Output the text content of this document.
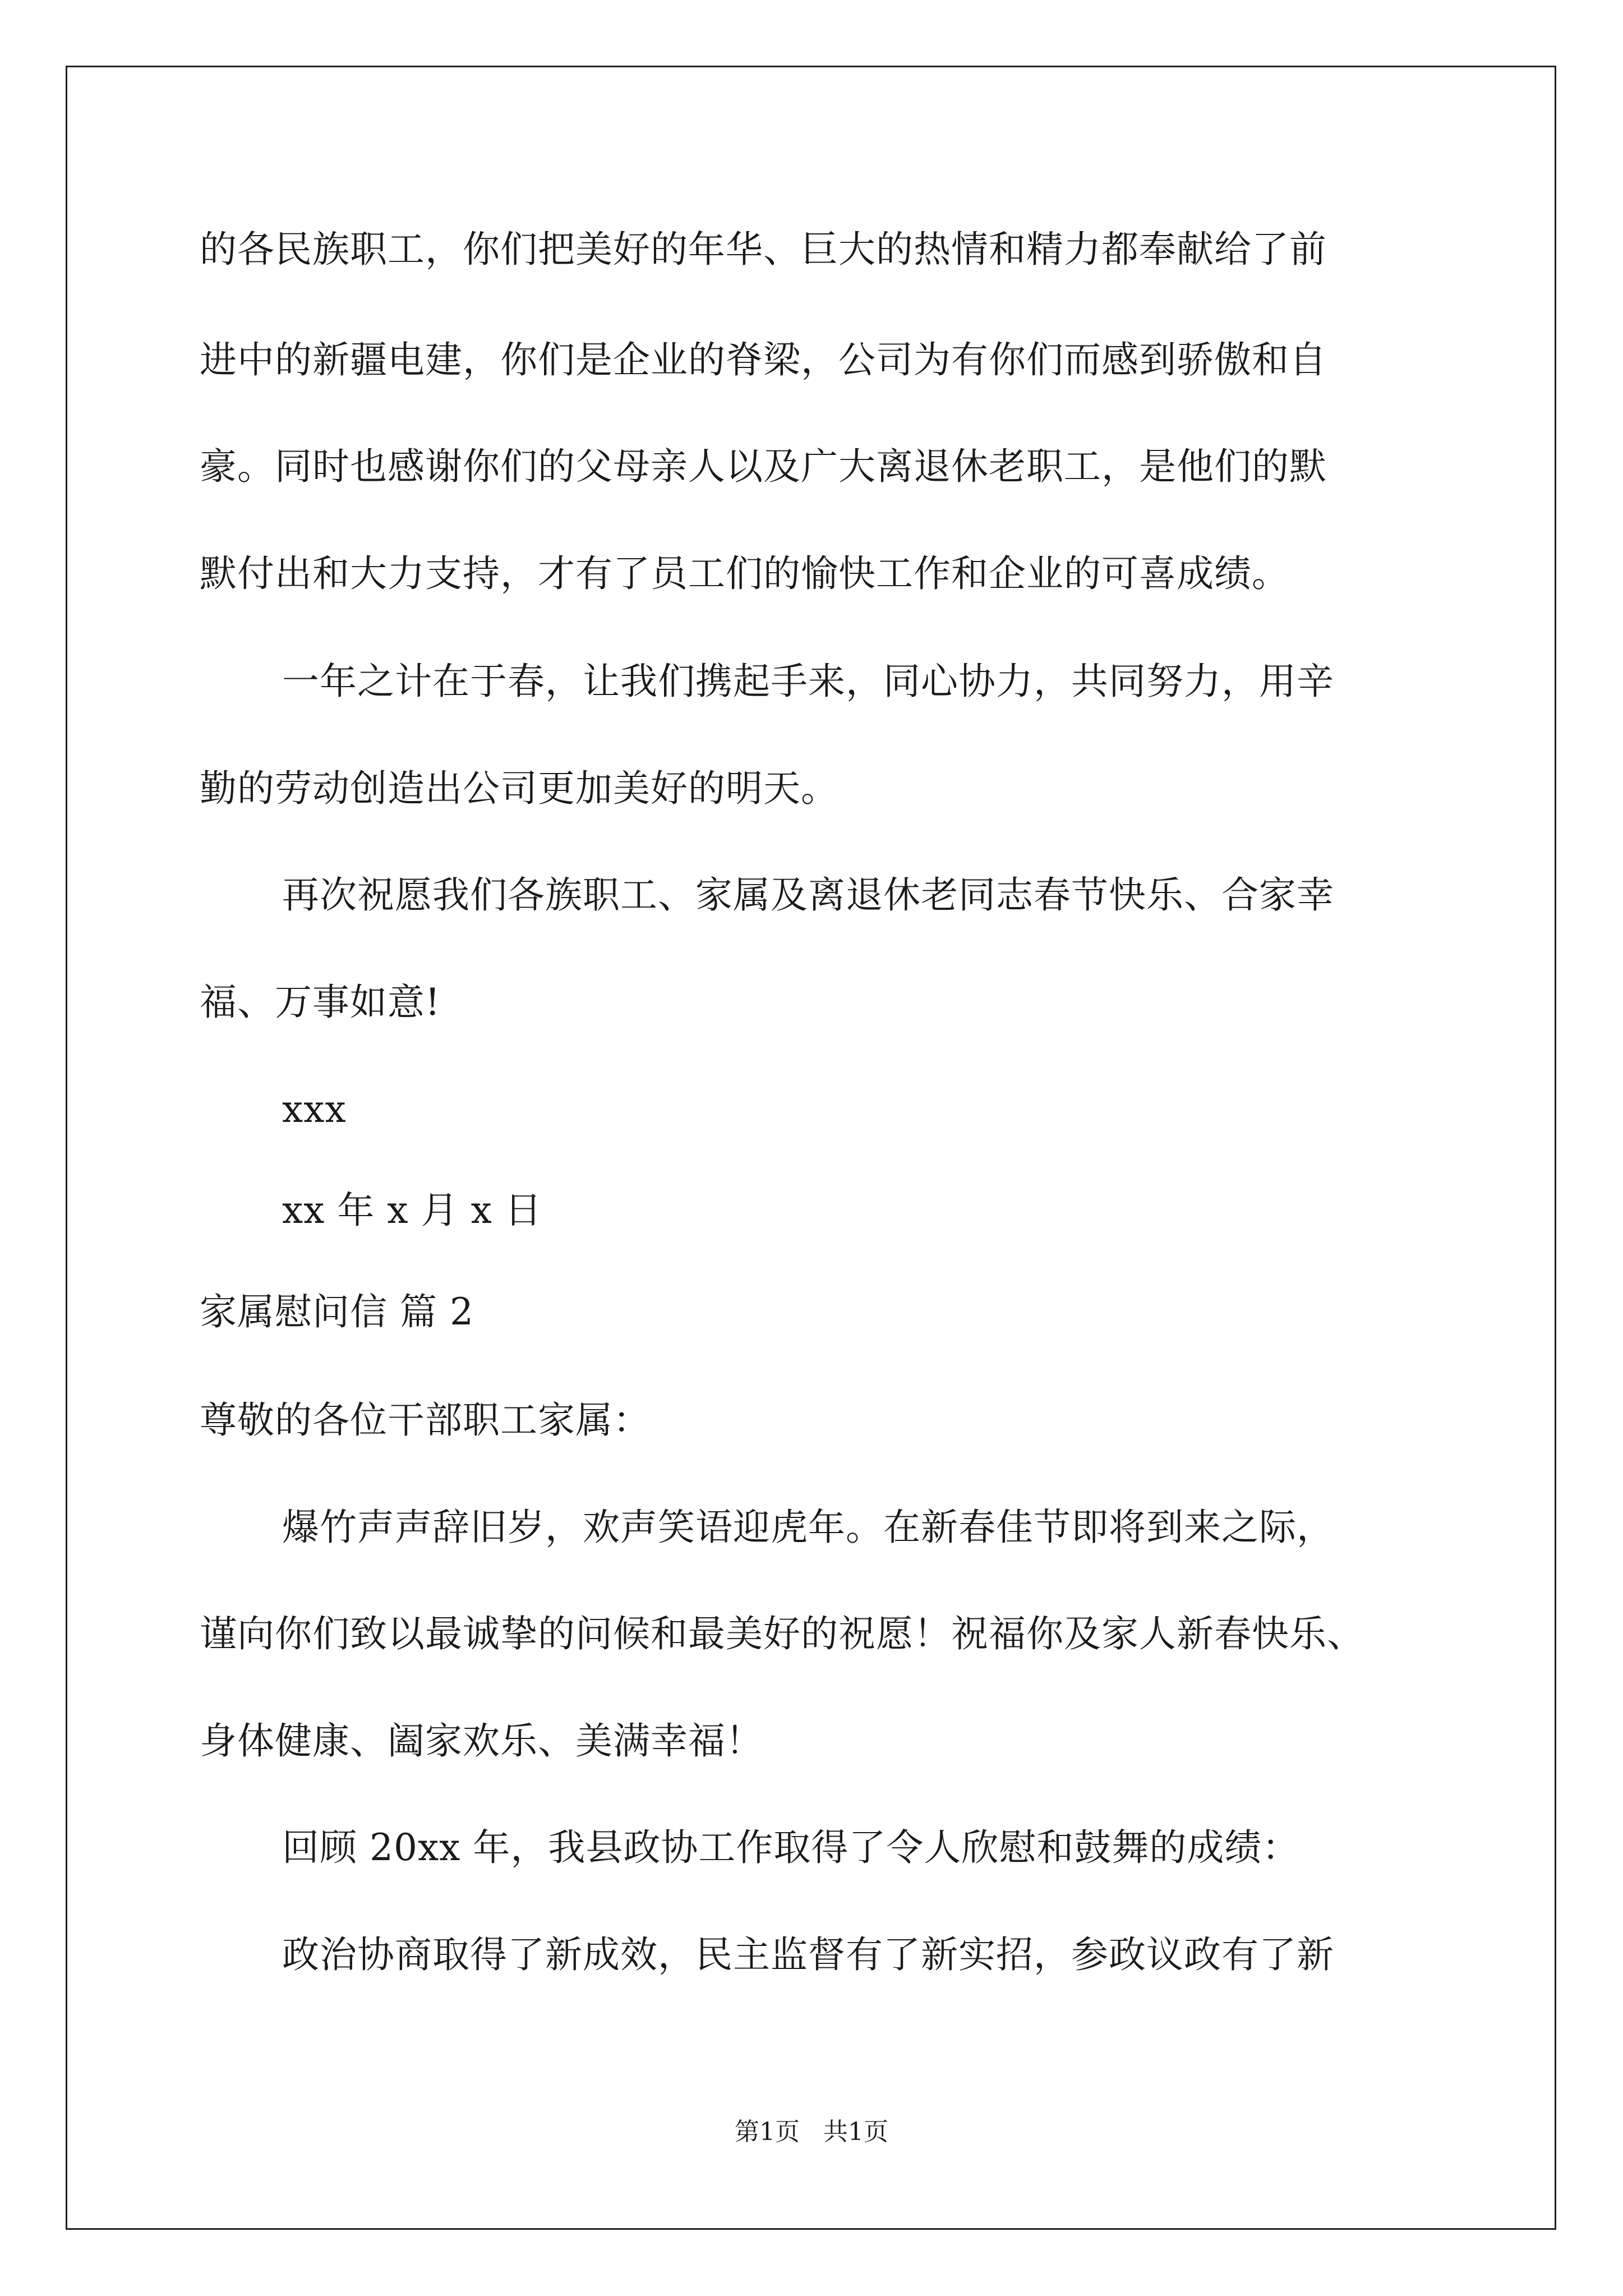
的各民族职工，你们把美好的年华、巨大的热情和精力都奉献给了前
进中的新疆电建，你们是企业的脊梁，公司为有你们而感到骄傲和自
豪。同时也感谢你们的父母亲人以及广大离退休老职工，是他们的默
默付出和大力支持，才有了员工们的愉快工作和企业的可喜成绩。
一年之计在于春，让我们携起手来，同心协力，共同努力，用辛
勤的劳动创造出公司更加美好的明天。
再次祝愿我们各族职工、家属及离退休老同志春节快乐、合家幸
福、万事如意!
xxx
xx 年 x 月 x 日
家属慰问信 篇 2
尊敬的各位干部职工家属：
爆竹声声辞旧岁，欢声笑语迎虎年。在新春佳节即将到来之际，
谨向你们致以最诚挚的问候和最美好的祝愿！祝福你及家人新春快乐、
身体健康、阖家欢乐、美满幸福！
回顾 20xx 年，我县政协工作取得了令人欣慰和鼓舞的成绩：
政治协商取得了新成效，民主监督有了新实招，参政议政有了新
第1页   共1页
